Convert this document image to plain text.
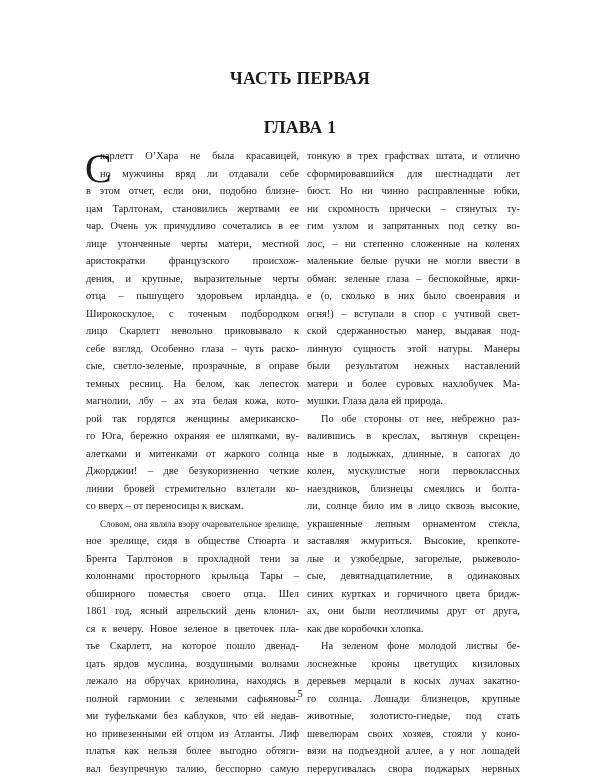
ЧАСТЬ ПЕРВАЯ
ГЛАВА 1
С
карлетт О’Хара не была красавицей,
но мужчины вряд ли отдавали себе
в этом отчет, если они, подобно близне-
цам Тарлтонам, становились жертвами ее
чар. Очень уж причудливо сочетались в ее
лице утонченные черты матери, местной
аристократки французского происхож-
дения, и крупные, выразительные черты
отца – пышущего здоровьем ирландца.
Широкоскулое, с точеным подбородком
лицо Скарлетт невольно приковывало к
себе взгляд. Особенно глаза – чуть раско-
сые, светло-зеленые, прозрачные, в оправе
темных ресниц. На белом, как лепесток
магнолии, лбу – ах эта белая кожа, кото-
рой так гордятся женщины американско-
го Юга, бережно охраняя ее шляпками, ву-
алетками и митенками от жаркого солнца
Джорджии! – две безукоризненно четкие
линии бровей стремительно взлетали ко-
со вверх – от переносицы к вискам.
Словом, она являла взору очаровательное зрелище,
ное зрелище, сидя в обществе Стюарта и
Брента Тарлтонов в прохладной тени за
колоннами просторного крыльца Тары –
обширного поместья своего отца. Шел
1861 год, ясный апрельский день клонил-
ся к вечеру. Новое зеленое в цветочек пла-
тье Скарлетт, на которое пошло двенад-
цать ярдов муслина, воздушными волнами
лежало на обручах кринолина, находясь в
полной гармонии с зелеными сафьяновы-
ми туфельками без каблуков, что ей недав-
но привезенными ей отцом из Атланты. Лиф
платья как нельзя более выгодно обтяги-
вал безупречную талию, бесспорно самую
тонкую в трех графствах штата, и отлично
сформировавшийся для шестнадцати лет
бюст. Но ни чинно расправленные юбки,
ни скромность прически – стянутых ту-
гим узлом и запрятанных под сетку во-
лос, – ни степенно сложенные на коленях
маленькие белые ручки не могли ввести в
обман: зеленые глаза – беспокойные, ярки-
е (о, сколько в них было своенравия и
огня!) – вступали в спор с учтивой свет-
ской сдержанностью манер, выдавая под-
линную сущность этой натуры. Манеры
были результатом нежных наставлений
матери и более суровых нахлобучек Ма-
мушки. Глаза дала ей природа.
По обе стороны от нее, небрежно раз-
валившись в креслах, вытянув скрещен-
ные в лодыжках, длинные, в сапогах до
колен, мускулистые ноги первоклассных
наездников, близнецы смеялись и болта-
ли, солнце било им в лицо сквозь высокие,
украшенные лепным орнаментом стекла,
заставляя жмуриться. Высокие, крепкоте-
лые и узкобедрые, загорелые, рыжеволо-
сые, девятнадцатилетние, в одинаковых
синих куртках и горчичного цвета бридж-
ах, они были неотличимы друг от друга,
как две коробочки хлопка.
На зеленом фоне молодой листвы бе-
лоснежные кроны цветущих кизиловых
деревьев мерцали в косых лучах закатно-
го солнца. Лошади близнецов, крупные
животные, золотисто-гнедые, под стать
шевелюрам своих хозяев, стояли у коно-
вязи на подъездной аллее, а у ног лошадей
переругивалась свора поджарых нервных
5
